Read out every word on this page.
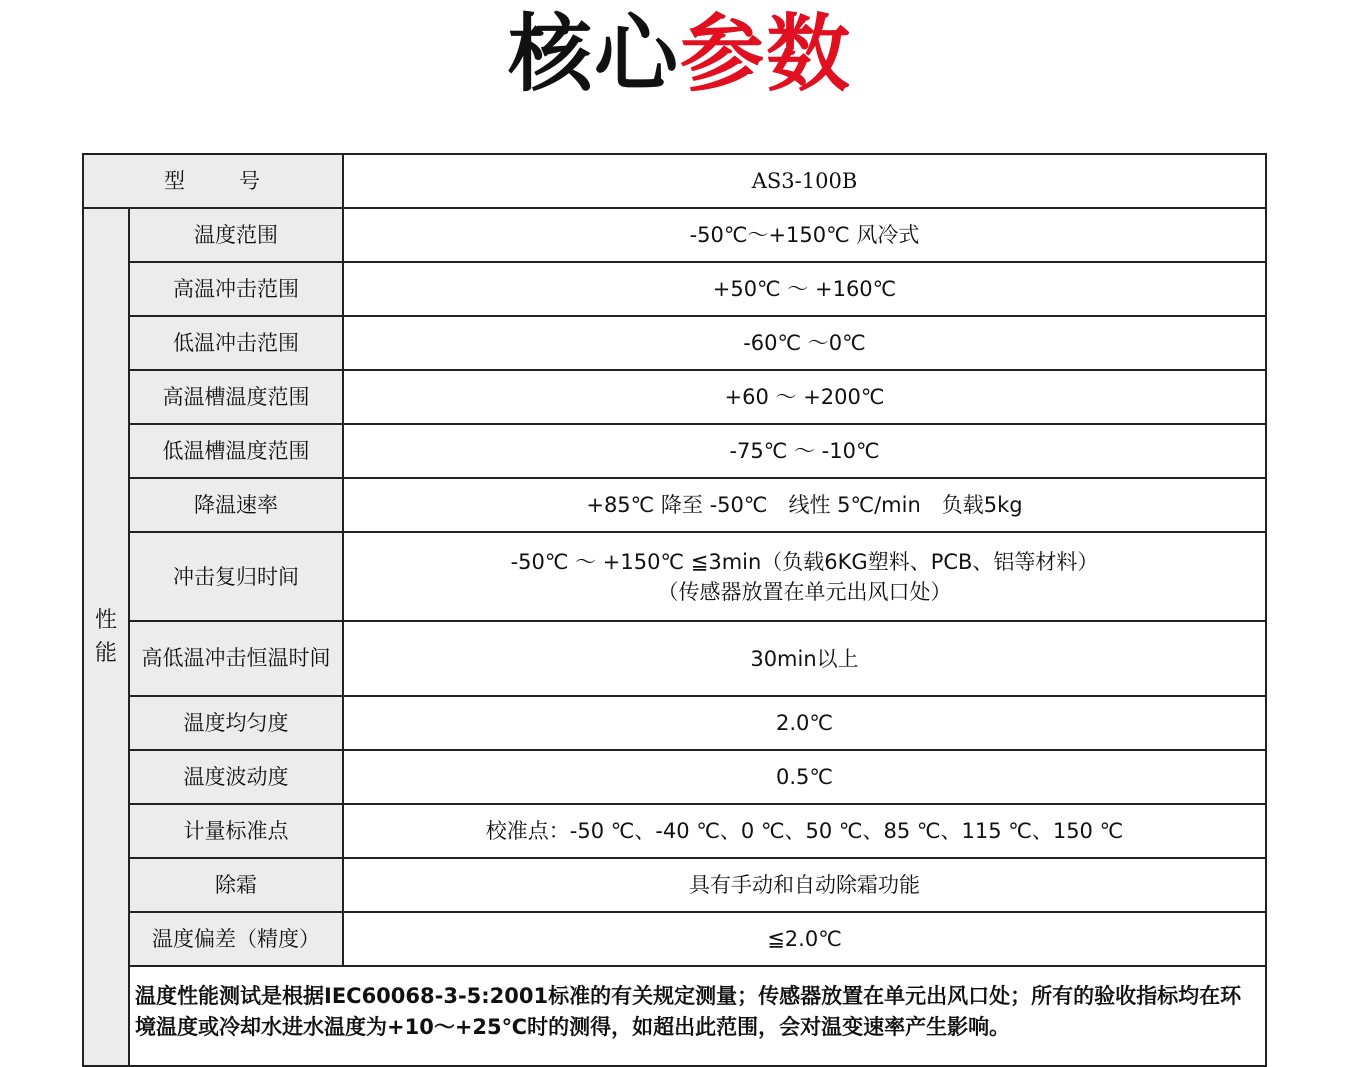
核心参数
型 号		AS3-100B

性
能	温度范围	-50℃～+150℃ 风冷式
	高温冲击范围	+50℃ ～ +160℃
	低温冲击范围	-60℃ ～0℃
	高温槽温度范围	+60 ～ +200℃
	低温槽温度范围	-75℃ ～ -10℃
	降温速率	+85℃ 降至 -50℃　线性 5℃/min　负载5kg
	冲击复归时间	-50℃ ～ +150℃ ≦3min（负载6KG塑料、PCB、铝等材料）
（传感器放置在单元出风口处）

	高低温冲击恒温时间	30min以上
	温度均匀度	2.0℃
	温度波动度	0.5℃
	计量标准点	校准点：-50 ℃、-40 ℃、0 ℃、50 ℃、85 ℃、115 ℃、150 ℃
	除霜	具有手动和自动除霜功能
	温度偏差（精度）	≦2.0℃
	温度性能测试是根据IEC60068-3-5:2001标准的有关规定测量；传感器放置在单元出风口处；所有的验收指标均在环境温度或冷却水进水温度为+10～+25℃时的测得，如超出此范围，会对温变速率产生影响。	
